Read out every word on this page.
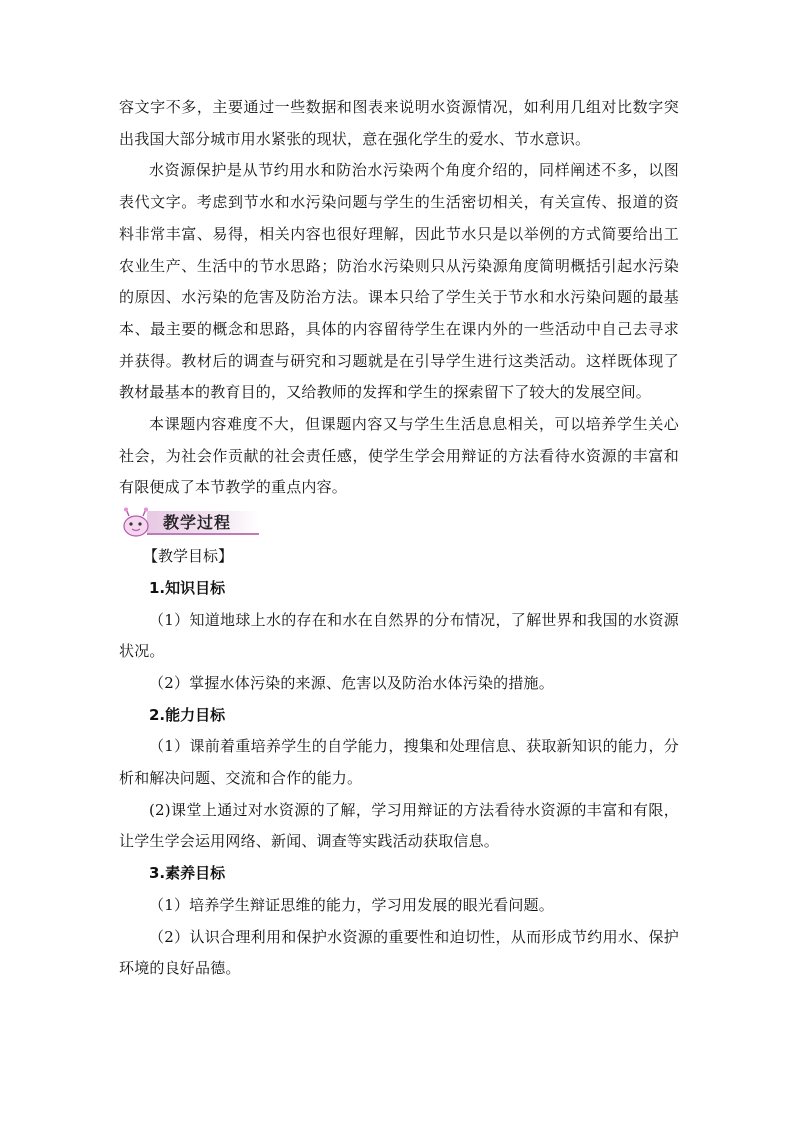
容文字不多，主要通过一些数据和图表来说明水资源情况，如利用几组对比数字突出我国大部分城市用水紧张的现状，意在强化学生的爱水、节水意识。

水资源保护是从节约用水和防治水污染两个角度介绍的，同样阐述不多，以图表代文字。考虑到节水和水污染问题与学生的生活密切相关，有关宣传、报道的资料非常丰富、易得，相关内容也很好理解，因此节水只是以举例的方式简要给出工农业生产、生活中的节水思路；防治水污染则只从污染源角度简明概括引起水污染的原因、水污染的危害及防治方法。课本只给了学生关于节水和水污染问题的最基本、最主要的概念和思路，具体的内容留待学生在课内外的一些活动中自己去寻求并获得。教材后的调查与研究和习题就是在引导学生进行这类活动。这样既体现了教材最基本的教育目的，又给教师的发挥和学生的探索留下了较大的发展空间。

本课题内容难度不大，但课题内容又与学生生活息息相关，可以培养学生关心社会，为社会作贡献的社会责任感，使学生学会用辩证的方法看待水资源的丰富和有限便成了本节教学的重点内容。

教学过程

【教学目标】

1.知识目标

（1）知道地球上水的存在和水在自然界的分布情况，了解世界和我国的水资源状况。

（2）掌握水体污染的来源、危害以及防治水体污染的措施。

2.能力目标

（1）课前着重培养学生的自学能力，搜集和处理信息、获取新知识的能力，分析和解决问题、交流和合作的能力。

(2)课堂上通过对水资源的了解，学习用辩证的方法看待水资源的丰富和有限，让学生学会运用网络、新闻、调查等实践活动获取信息。

3.素养目标

（1）培养学生辩证思维的能力，学习用发展的眼光看问题。

（2）认识合理利用和保护水资源的重要性和迫切性，从而形成节约用水、保护环境的良好品德。
